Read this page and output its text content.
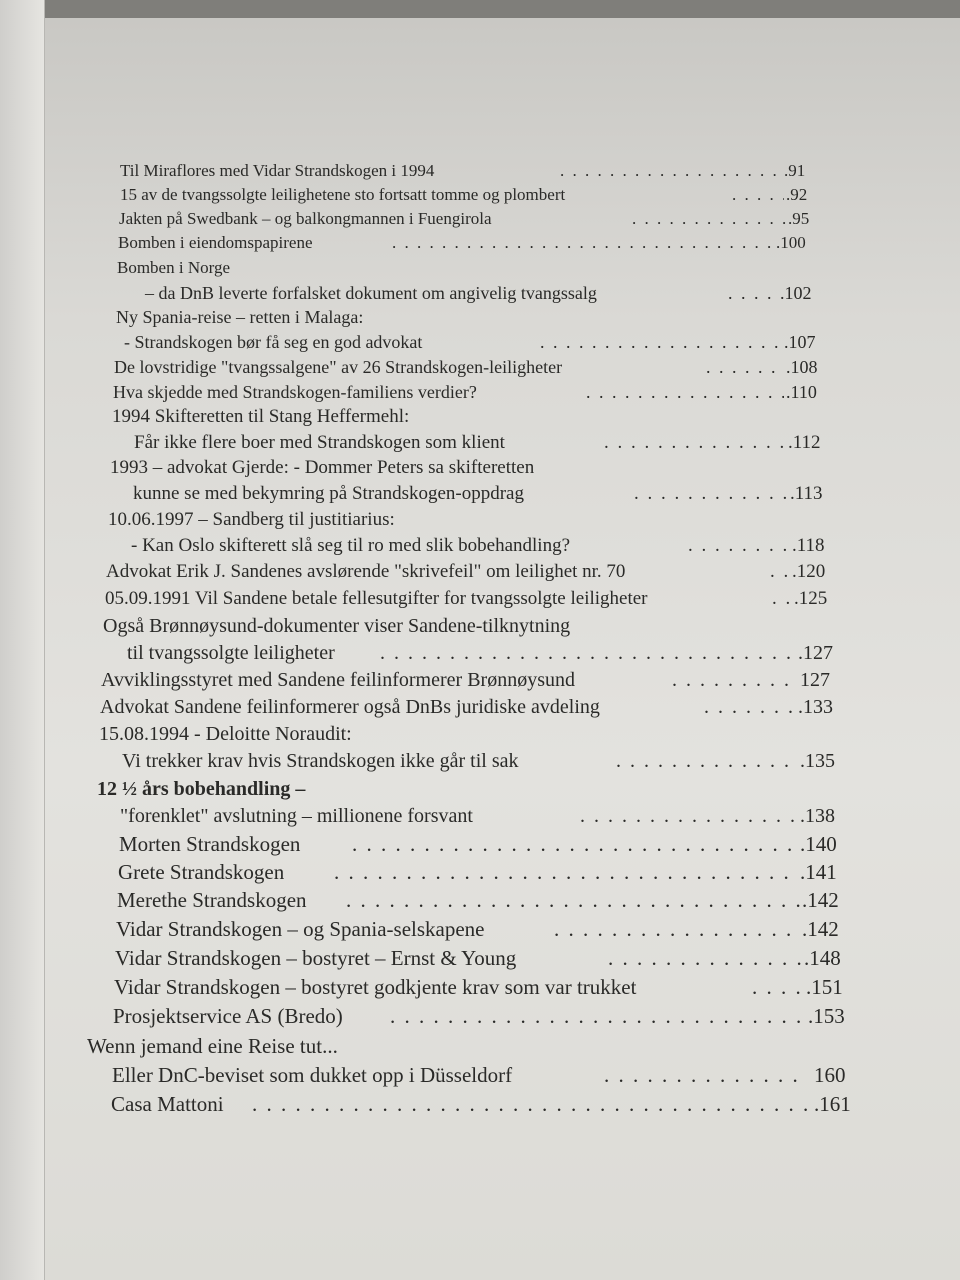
Til Miraflores med Vidar Strandskogen i 1994 . . .	.91
15 av de tvangssolgte leilighetene sto fortsatt tomme og plombert . . .	.92
Jakten på Swedbank – og balkongmannen i Fuengirola . . .	.95
Bomben i eiendomspapirene . . .	.100
Bomben i Norge
– da DnB leverte forfalsket dokument om angivelig tvangssalg . . .	.102
Ny Spania-reise – retten i Malaga:
- Strandskogen bør få seg en god advokat . . .	.107
De lovstridige "tvangssalgene" av 26 Strandskogen-leiligheter . . .	.108
Hva skjedde med Strandskogen-familiens verdier? . . .	.110
1994 Skifteretten til Stang Heffermehl:
Får ikke flere boer med Strandskogen som klient . . .	.112
1993 – advokat Gjerde: - Dommer Peters sa skifteretten
kunne se med bekymring på Strandskogen-oppdrag . . .	.113
10.06.1997 – Sandberg til justitiarius:
- Kan Oslo skifterett slå seg til ro med slik bobehandling? . . .	.118
Advokat Erik J. Sandenes avslørende "skrivefeil" om leilighet nr. 70 . . .	.120
05.09.1991 Vil Sandene betale fellesutgifter for tvangssolgte leiligheter . . .	.125
Også Brønnøysund-dokumenter viser Sandene-tilknytning
til tvangssolgte leiligheter . . .	.127
Avviklingsstyret med Sandene feilinformerer Brønnøysund . . .	127
Advokat Sandene feilinformerer også DnBs juridiske avdeling . . .	.133
15.08.1994 - Deloitte Noraudit:
Vi trekker krav hvis Strandskogen ikke går til sak . . .	.135
12 ½ års bobehandling –
"forenklet" avslutning – millionene forsvant . . .	.138
Morten Strandskogen . . .	.140
Grete Strandskogen . . .	.141
Merethe Strandskogen . . .	.142
Vidar Strandskogen – og Spania-selskapene . . .	.142
Vidar Strandskogen – bostyret – Ernst & Young . . .	.148
Vidar Strandskogen – bostyret godkjente krav som var trukket . . .	.151
Prosjektservice AS (Bredo) . . .	.153
Wenn jemand eine Reise tut...
Eller DnC-beviset som dukket opp i Düsseldorf . . .	160
Casa Mattoni . . .	.161
